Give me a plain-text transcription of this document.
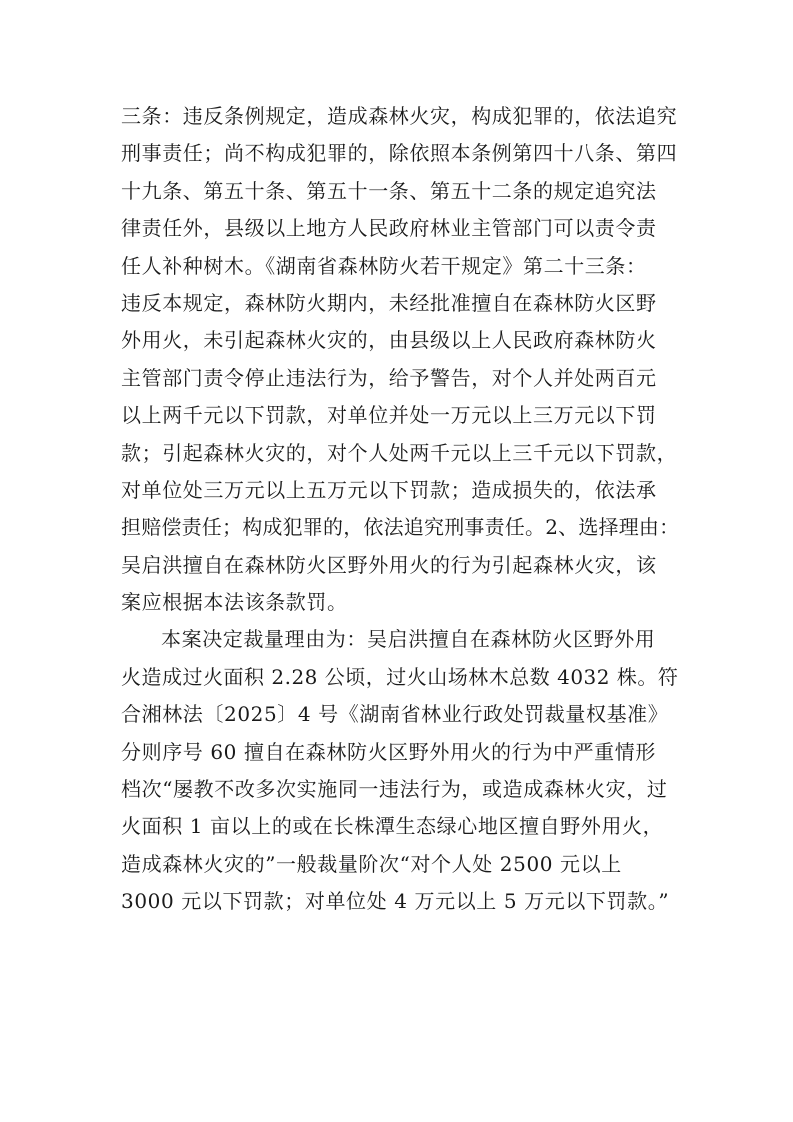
三条：违反条例规定，造成森林火灾，构成犯罪的，依法追究
刑事责任；尚不构成犯罪的，除依照本条例第四十八条、第四
十九条、第五十条、第五十一条、第五十二条的规定追究法
律责任外，县级以上地方人民政府林业主管部门可以责令责
任人补种树木。《湖南省森林防火若干规定》第二十三条：
违反本规定，森林防火期内，未经批准擅自在森林防火区野
外用火，未引起森林火灾的，由县级以上人民政府森林防火
主管部门责令停止违法行为，给予警告，对个人并处两百元
以上两千元以下罚款，对单位并处一万元以上三万元以下罚
款；引起森林火灾的，对个人处两千元以上三千元以下罚款，
对单位处三万元以上五万元以下罚款；造成损失的，依法承
担赔偿责任；构成犯罪的，依法追究刑事责任。2、选择理由：
吴启洪擅自在森林防火区野外用火的行为引起森林火灾，该
案应根据本法该条款罚。
本案决定裁量理由为：吴启洪擅自在森林防火区野外用
火造成过火面积 2.28 公顷，过火山场林木总数 4032 株。符
合湘林法〔2025〕4 号《湖南省林业行政处罚裁量权基准》
分则序号 60 擅自在森林防火区野外用火的行为中严重情形
档次“屡教不改多次实施同一违法行为，或造成森林火灾，过
火面积 1 亩以上的或在长株潭生态绿心地区擅自野外用火，
造成森林火灾的”一般裁量阶次“对个人处 2500 元以上
3000 元以下罚款；对单位处 4 万元以上 5 万元以下罚款。”
